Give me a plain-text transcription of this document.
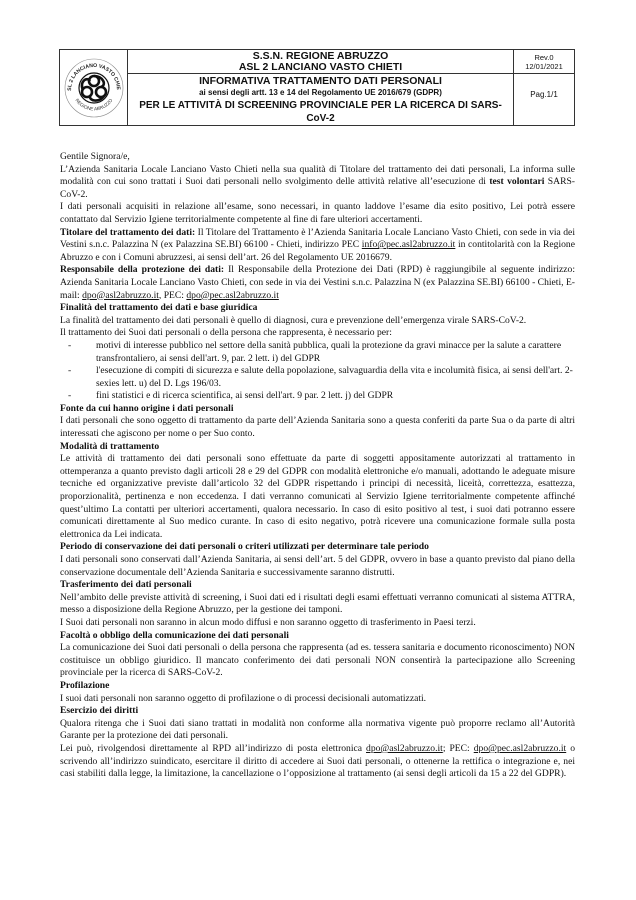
SL 2 LANCIANO VASTO CHIE
REGIONE ABRUZZO
S.S.N. REGIONE ABRUZZO
ASL 2 LANCIANO VASTO CHIETI
INFORMATIVA TRATTAMENTO DATI PERSONALI
ai sensi degli artt. 13 e 14 del Regolamento UE 2016/679 (GDPR)
PER LE ATTIVITÀ DI SCREENING PROVINCIALE PER LA RICERCA DI SARS-CoV-2
Rev.0
12/01/2021
Pag.1/1

Gentile Signora/e,

L’Azienda Sanitaria Locale Lanciano Vasto Chieti nella sua qualità di Titolare del trattamento dei dati personali, La informa sulle modalità con cui sono trattati i Suoi dati personali nello svolgimento delle attività relative all’esecuzione di test volontari SARS-CoV-2.

I dati personali acquisiti in relazione all’esame, sono necessari, in quanto laddove l’esame dia esito positivo, Lei potrà essere contattato dal Servizio Igiene territorialmente competente al fine di fare ulteriori accertamenti.

Titolare del trattamento dei dati: Il Titolare del Trattamento è l’Azienda Sanitaria Locale Lanciano Vasto Chieti, con sede in via dei Vestini s.n.c. Palazzina N (ex Palazzina SE.BI) 66100 - Chieti, indirizzo PEC info@pec.asl2abruzzo.it in contitolarità con la Regione Abruzzo e con i Comuni abruzzesi, ai sensi dell’art. 26 del Regolamento UE 2016679.

Responsabile della protezione dei dati: Il Responsabile della Protezione dei Dati (RPD) è raggiungibile al seguente indirizzo: Azienda Sanitaria Locale Lanciano Vasto Chieti, con sede in via dei Vestini s.n.c. Palazzina N (ex Palazzina SE.BI) 66100 - Chieti, E-mail: dpo@asl2abruzzo.it, PEC: dpo@pec.asl2abruzzo.it

Finalità del trattamento dei dati e base giuridica

La finalità del trattamento dei dati personali è quello di diagnosi, cura e prevenzione dell’emergenza virale SARS-CoV-2.

Il trattamento dei Suoi dati personali o della persona che rappresenta, è necessario per:

- motivi di interesse pubblico nel settore della sanità pubblica, quali la protezione da gravi minacce per la salute a carattere transfrontaliero, ai sensi dell'art. 9, par. 2 lett. i) del GDPR
- l'esecuzione di compiti di sicurezza e salute della popolazione, salvaguardia della vita e incolumità fisica, ai sensi dell'art. 2-sexies lett. u) del D. Lgs 196/03.
- fini statistici e di ricerca scientifica, ai sensi dell'art. 9 par. 2 lett. j) del GDPR

Fonte da cui hanno origine i dati personali

I dati personali che sono oggetto di trattamento da parte dell’Azienda Sanitaria sono a questa conferiti da parte Sua o da parte di altri interessati che agiscono per nome o per Suo conto.

Modalità di trattamento

Le attività di trattamento dei dati personali sono effettuate da parte di soggetti appositamente autorizzati al trattamento in ottemperanza a quanto previsto dagli articoli 28 e 29 del GDPR con modalità elettroniche e/o manuali, adottando le adeguate misure tecniche ed organizzative previste dall’articolo 32 del GDPR rispettando i principi di necessità, liceità, correttezza, esattezza, proporzionalità, pertinenza e non eccedenza. I dati verranno comunicati al Servizio Igiene territorialmente competente affinché quest’ultimo La contatti per ulteriori accertamenti, qualora necessario. In caso di esito positivo al test, i suoi dati potranno essere comunicati direttamente al Suo medico curante. In caso di esito negativo, potrà ricevere una comunicazione formale sulla posta elettronica da Lei indicata.

Periodo di conservazione dei dati personali o criteri utilizzati per determinare tale periodo

I dati personali sono conservati dall’Azienda Sanitaria, ai sensi dell’art. 5 del GDPR, ovvero in base a quanto previsto dal piano della conservazione documentale dell’Azienda Sanitaria e successivamente saranno distrutti.

Trasferimento dei dati personali

Nell’ambito delle previste attività di screening, i Suoi dati ed i risultati degli esami effettuati verranno comunicati al sistema ATTRA, messo a disposizione della Regione Abruzzo, per la gestione dei tamponi.

I Suoi dati personali non saranno in alcun modo diffusi e non saranno oggetto di trasferimento in Paesi terzi.

Facoltà o obbligo della comunicazione dei dati personali

La comunicazione dei Suoi dati personali o della persona che rappresenta (ad es. tessera sanitaria e documento riconoscimento) NON costituisce un obbligo giuridico. Il mancato conferimento dei dati personali NON consentirà la partecipazione allo Screening provinciale per la ricerca di SARS-CoV-2.

Profilazione

I suoi dati personali non saranno oggetto di profilazione o di processi decisionali automatizzati.

Esercizio dei diritti

Qualora ritenga che i Suoi dati siano trattati in modalità non conforme alla normativa vigente può proporre reclamo all’Autorità Garante per la protezione dei dati personali.

Lei può, rivolgendosi direttamente al RPD all’indirizzo di posta elettronica dpo@asl2abruzzo.it; PEC: dpo@pec.asl2abruzzo.it o scrivendo all’indirizzo suindicato, esercitare il diritto di accedere ai Suoi dati personali, o ottenerne la rettifica o integrazione e, nei casi stabiliti dalla legge, la limitazione, la cancellazione o l’opposizione al trattamento (ai sensi degli articoli da 15 a 22 del GDPR).
